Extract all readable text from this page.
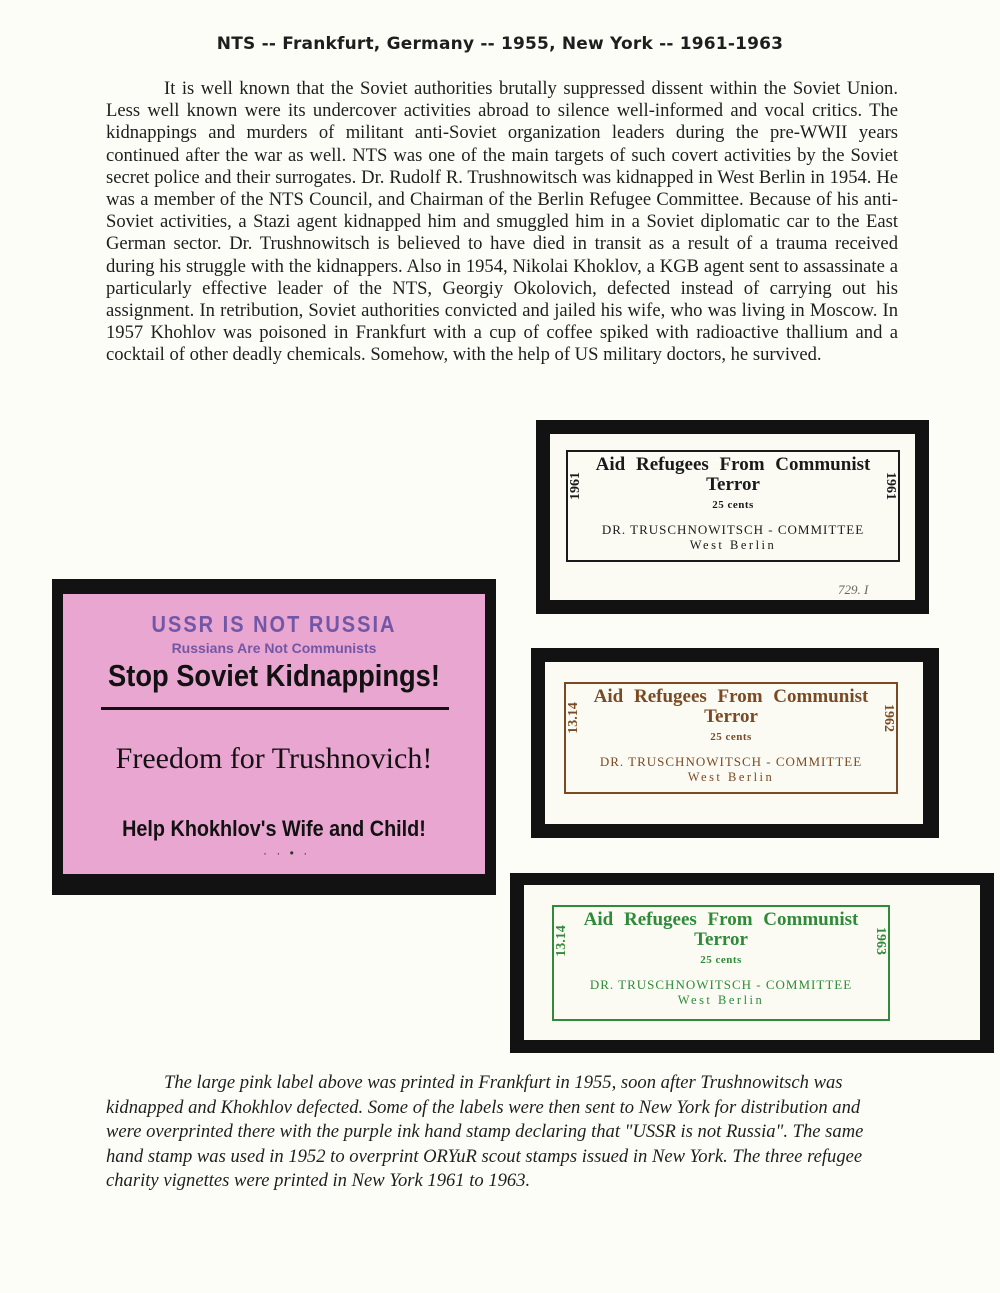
NTS -- Frankfurt, Germany -- 1955, New York -- 1961-1963

It is well known that the Soviet authorities brutally suppressed dissent within the Soviet Union. Less well known were its undercover activities abroad to silence well-informed and vocal critics. The kidnappings and murders of militant anti-Soviet organization leaders during the pre-WWII years continued after the war as well. NTS was one of the main targets of such covert activities by the Soviet secret police and their surrogates. Dr. Rudolf R. Trushnowitsch was kidnapped in West Berlin in 1954. He was a member of the NTS Council, and Chairman of the Berlin Refugee Committee. Because of his anti-Soviet activities, a Stazi agent kidnapped him and smuggled him in a Soviet diplomatic car to the East German sector. Dr. Trushnowitsch is believed to have died in transit as a result of a trauma received during his struggle with the kidnappers. Also in 1954, Nikolai Khoklov, a KGB agent sent to assassinate a particularly effective leader of the NTS, Georgiy Okolovich, defected instead of carrying out his assignment. In retribution, Soviet authorities convicted and jailed his wife, who was living in Moscow. In 1957 Khohlov was poisoned in Frankfurt with a cup of coffee spiked with radioactive thallium and a cocktail of other deadly chemicals. Somehow, with the help of US military doctors, he survived.

USSR IS NOT RUSSIA
Russians Are Not Communists
Stop Soviet Kidnappings!
Freedom for Trushnovich!
Help Khokhlov's Wife and Child!
· · • ·
Aid Refugees From Communist
Terror
1961	1961
25 cents
DR. TRUSCHNOWITSCH - COMMITTEE
West Berlin
729. I
Aid Refugees From Communist
Terror
13.14	1962
25 cents
DR. TRUSCHNOWITSCH - COMMITTEE
West Berlin
Aid Refugees From Communist
Terror
13.14	1963
25 cents
DR. TRUSCHNOWITSCH - COMMITTEE
West Berlin

The large pink label above was printed in Frankfurt in 1955, soon after Trushnowitsch was kidnapped and Khokhlov defected. Some of the labels were then sent to New York for distribution and were overprinted there with the purple ink hand stamp declaring that "USSR is not Russia". The same hand stamp was used in 1952 to overprint ORYuR scout stamps issued in New York. The three refugee charity vignettes were printed in New York 1961 to 1963.
